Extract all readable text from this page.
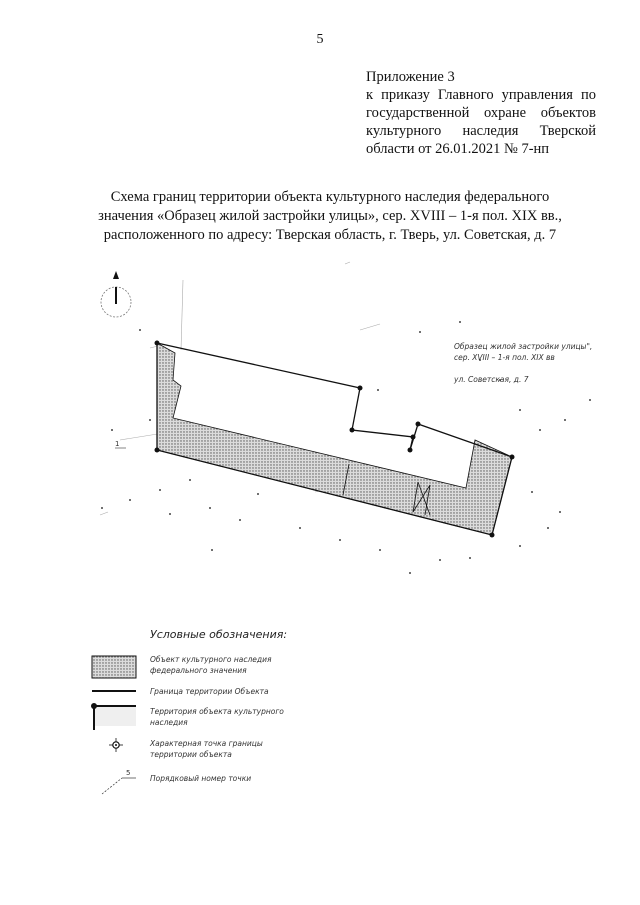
5
Приложение 3
к приказу Главного управления по
государственной охране объектов
культурного наследия Тверской
области от 26.01.2021 № 7-нп
Схема границ территории объекта культурного наследия федерального
значения «Образец жилой застройки улицы», сер. XVIII – 1-я пол. XIX вв.,
расположенного по адресу: Тверская область, г. Тверь, ул. Советская, д. 7
1
Образец жилой застройки улицы",
сер. XVIII – 1-я пол. XIX вв
ул. Советская, д. 7
Условные обозначения:
Объект культурного наследия
федерального значения
Граница территории Объекта
Территория объекта культурного
наследия
Характерная точка границы
территории объекта
5
Порядковый номер точки
